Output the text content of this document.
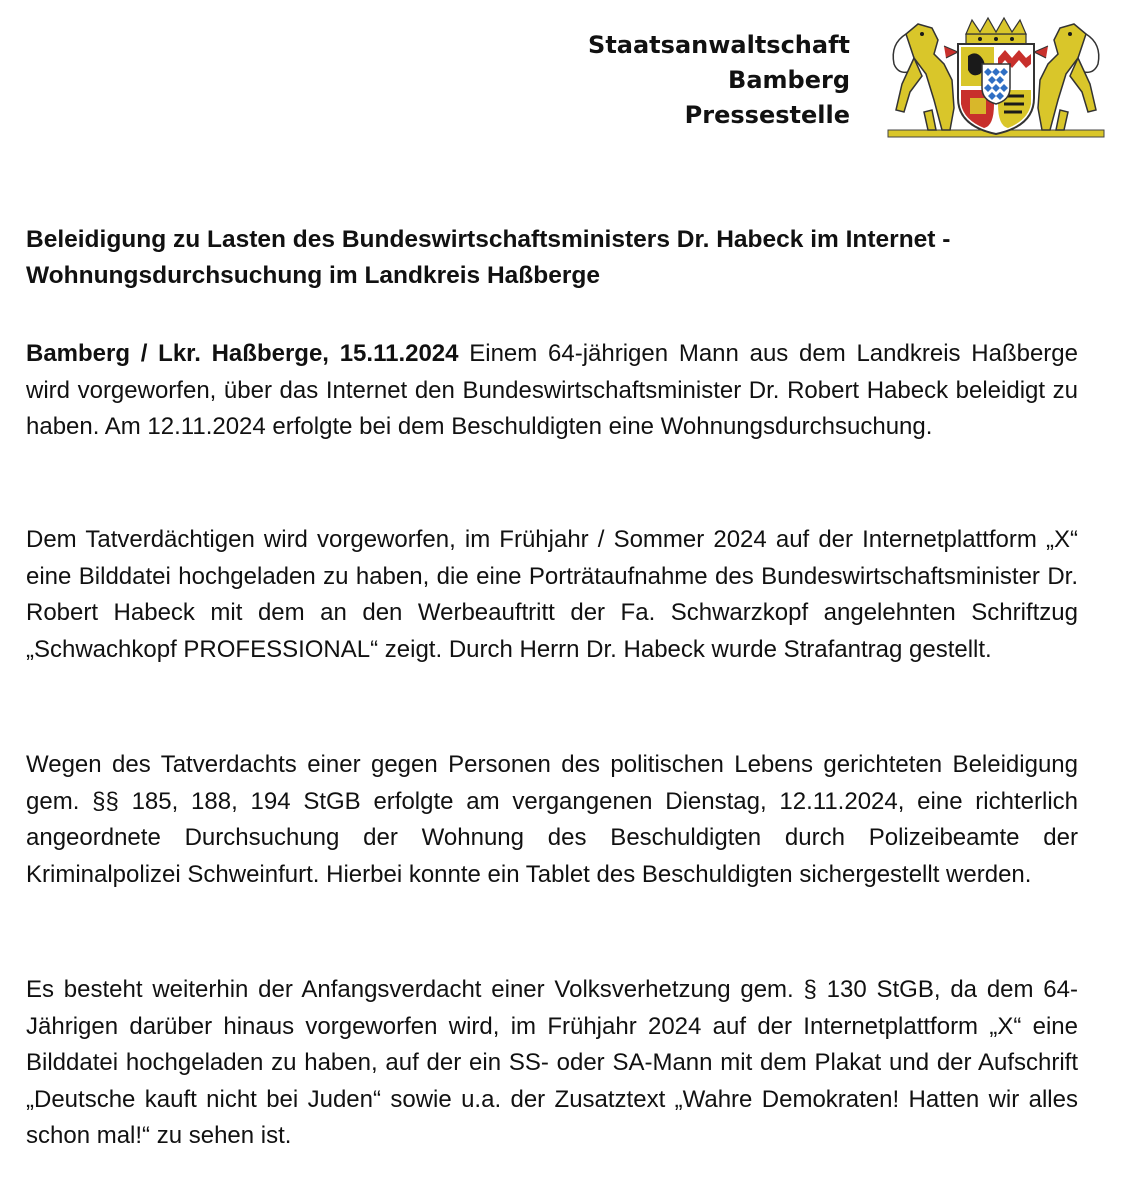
Staatsanwaltschaft
Bamberg
Pressestelle
Beleidigung zu Lasten des Bundeswirtschaftsministers Dr. Habeck im Internet -
Wohnungsdurchsuchung im Landkreis Haßberge

Bamberg / Lkr. Haßberge, 15.11.2024 Einem 64-jährigen Mann aus dem Landkreis Haßberge wird vorgeworfen, über das Internet den Bundeswirtschaftsminister Dr. Robert Habeck beleidigt zu haben. Am 12.11.2024 erfolgte bei dem Beschuldigten eine Wohnungsdurchsuchung.

Dem Tatverdächtigen wird vorgeworfen, im Frühjahr / Sommer 2024 auf der Internetplattform „X“ eine Bilddatei hochgeladen zu haben, die eine Porträtaufnahme des Bundeswirtschaftsminister Dr. Robert Habeck mit dem an den Werbeauftritt der Fa. Schwarzkopf angelehnten Schriftzug „Schwachkopf PROFESSIONAL“ zeigt. Durch Herrn Dr. Habeck wurde Strafantrag gestellt.

Wegen des Tatverdachts einer gegen Personen des politischen Lebens gerichteten Beleidigung gem. §§ 185, 188, 194 StGB erfolgte am vergangenen Dienstag, 12.11.2024, eine richterlich angeordnete Durchsuchung der Wohnung des Beschuldigten durch Polizeibeamte der Kriminalpolizei Schweinfurt. Hierbei konnte ein Tablet des Beschuldigten sichergestellt werden.

Es besteht weiterhin der Anfangsverdacht einer Volksverhetzung gem. § 130 StGB, da dem 64-Jährigen darüber hinaus vorgeworfen wird, im Frühjahr 2024 auf der Internetplattform „X“ eine Bilddatei hochgeladen zu haben, auf der ein SS- oder SA-Mann mit dem Plakat und der Aufschrift „Deutsche kauft nicht bei Juden“ sowie u.a. der Zusatztext „Wahre Demokraten! Hatten wir alles schon mal!“ zu sehen ist.
